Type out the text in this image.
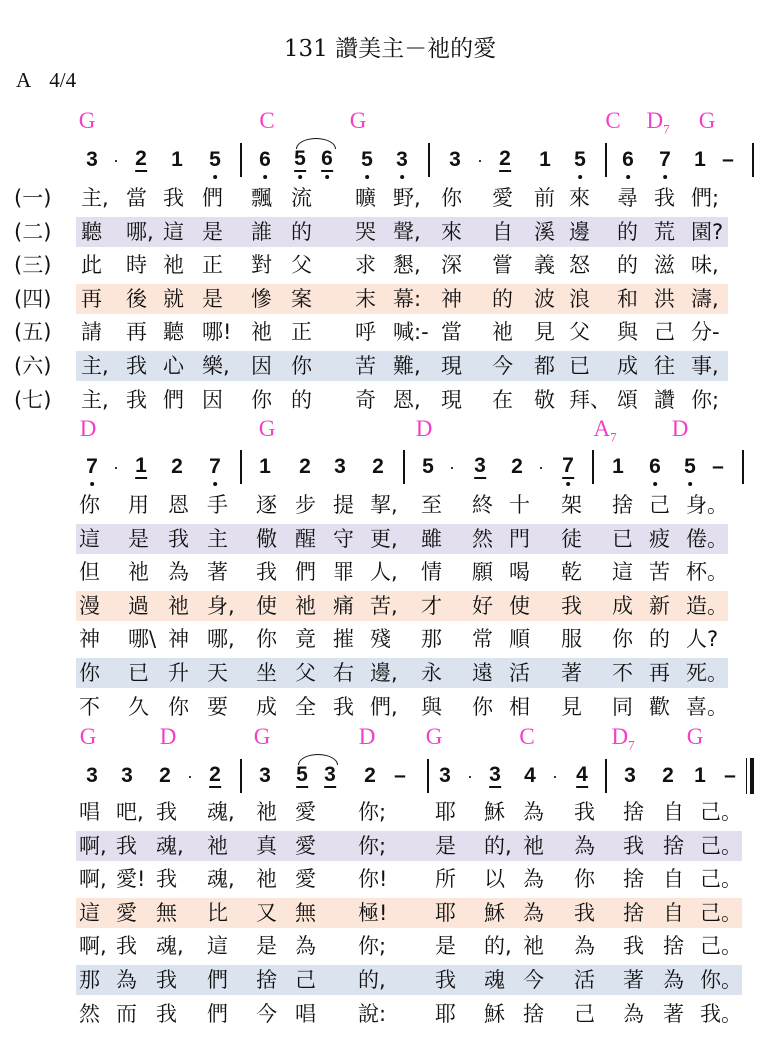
131 讚美主－祂的愛
A 4/4
G	C	G	C $D_7$ G
3 · 2 1 5 6 5 6 5 3 3 · 2 1 5 6 7 1 –
(一) 主, 當 我 們 飄 流 曠 野, 你 愛 前 來 尋 我 們;
(二) 聽 哪, 這 是 誰 的 哭 聲, 來 自 溪 邊 的 荒 園?
(三) 此 時 祂 正 對 父 求 懇, 深 嘗 義 怒 的 滋 味,
(四) 再 後 就 是 慘 案 末 幕: 神 的 波 浪 和 洪 濤,
(五) 請 再 聽 哪! 祂 正 呼 喊:- 當 祂 見 父 與 己 分-
(六) 主, 我 心 樂, 因 你 苦 難, 現 今 都 已 成 往 事,
(七) 主, 我 們 因 你 的 奇 恩, 現 在 敬 拜、 頌 讚 你;
D	G	D	$A_7$ D
7 · 1 2 7 1 2 3 2 5 · 3 2 · 7 1 6 5 –
你 用 恩 手 逐 步 提 挈, 至 終 十 架 捨 己 身。
這 是 我 主 儆 醒 守 更, 雖 然 門 徒 已 疲 倦。
但 祂 為 著 我 們 罪 人, 情 願 喝 乾 這 苦 杯。
漫 過 祂 身, 使 祂 痛 苦, 才 好 使 我 成 新 造。
神 哪\ 神 哪, 你 竟 摧 殘 那 常 順 服 你 的 人?
你 已 升 天 坐 父 右 邊, 永 遠 活 著 不 再 死。
不 久 你 要 成 全 我 們, 與 你 相 見 同 歡 喜。
G	D	G	D G	C	$D_7$ G
3 3 2 · 2 3 5 3 2 – 3 · 3 4 · 4 3 2 1 –
唱 吧, 我 魂, 祂 愛 你; 耶 穌 為 我 捨 自 己。
啊, 我 魂, 祂 真 愛 你; 是 的, 祂 為 我 捨 己。
啊, 愛! 我 魂, 祂 愛 你! 所 以 為 你 捨 自 己。
這 愛 無 比 又 無 極! 耶 穌 為 我 捨 自 己。
啊, 我 魂, 這 是 為 你; 是 的, 祂 為 我 捨 己。
那 為 我 們 捨 己 的, 我 魂 今 活 著 為 你。
然 而 我 們 今 唱 說: 耶 穌 捨 己 為 著 我。
